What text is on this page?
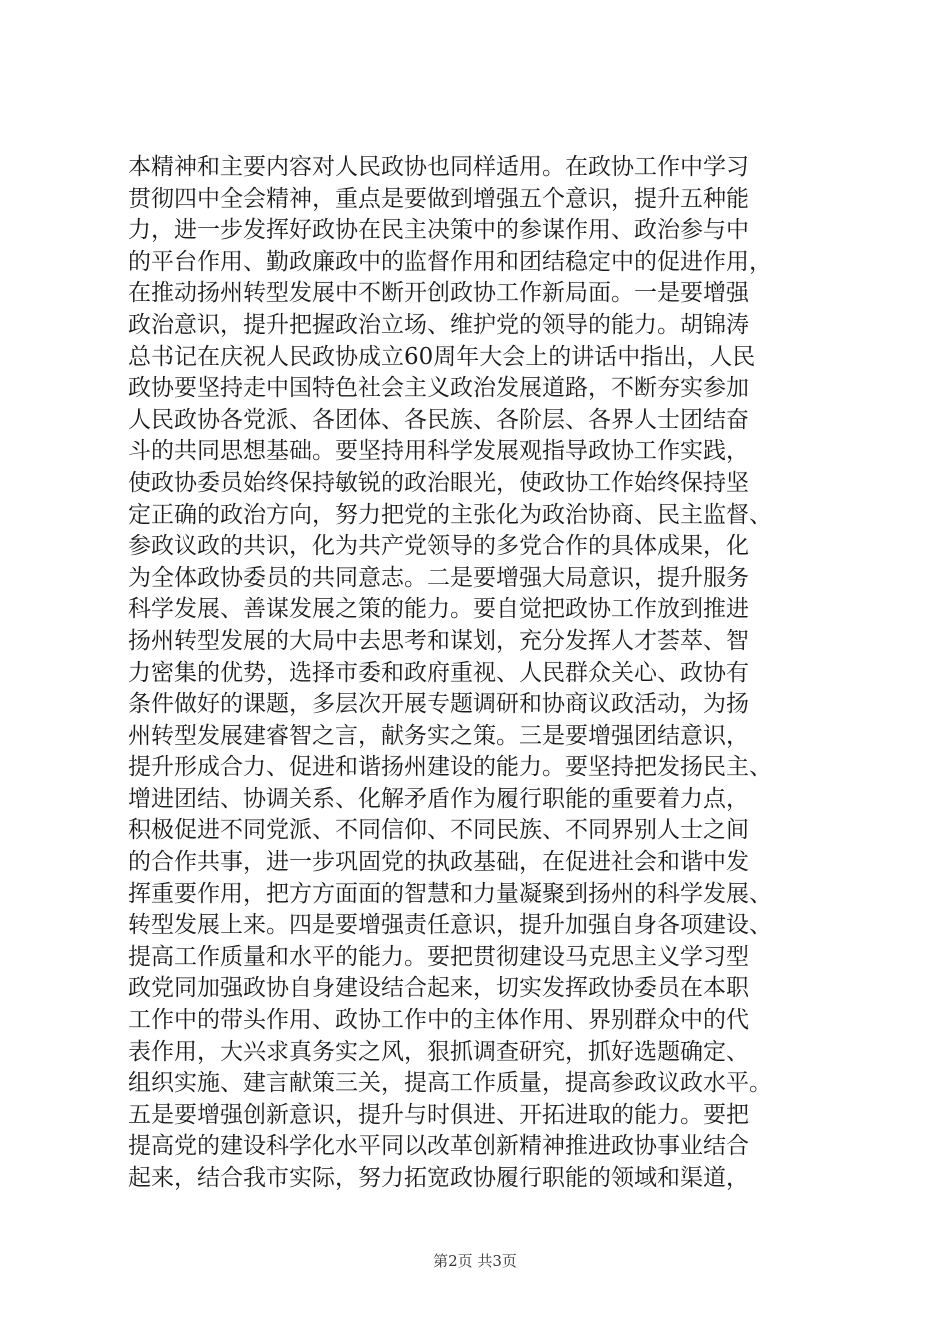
本精神和主要内容对人民政协也同样适用。在政协工作中学习
贯彻四中全会精神，重点是要做到增强五个意识，提升五种能
力，进一步发挥好政协在民主决策中的参谋作用、政治参与中
的平台作用、勤政廉政中的监督作用和团结稳定中的促进作用，
在推动扬州转型发展中不断开创政协工作新局面。一是要增强
政治意识，提升把握政治立场、维护党的领导的能力。胡锦涛
总书记在庆祝人民政协成立60周年大会上的讲话中指出，人民
政协要坚持走中国特色社会主义政治发展道路，不断夯实参加
人民政协各党派、各团体、各民族、各阶层、各界人士团结奋
斗的共同思想基础。要坚持用科学发展观指导政协工作实践，
使政协委员始终保持敏锐的政治眼光，使政协工作始终保持坚
定正确的政治方向，努力把党的主张化为政治协商、民主监督、
参政议政的共识，化为共产党领导的多党合作的具体成果，化
为全体政协委员的共同意志。二是要增强大局意识，提升服务
科学发展、善谋发展之策的能力。要自觉把政协工作放到推进
扬州转型发展的大局中去思考和谋划，充分发挥人才荟萃、智
力密集的优势，选择市委和政府重视、人民群众关心、政协有
条件做好的课题，多层次开展专题调研和协商议政活动，为扬
州转型发展建睿智之言，献务实之策。三是要增强团结意识，
提升形成合力、促进和谐扬州建设的能力。要坚持把发扬民主、
增进团结、协调关系、化解矛盾作为履行职能的重要着力点，
积极促进不同党派、不同信仰、不同民族、不同界别人士之间
的合作共事，进一步巩固党的执政基础，在促进社会和谐中发
挥重要作用，把方方面面的智慧和力量凝聚到扬州的科学发展、
转型发展上来。四是要增强责任意识，提升加强自身各项建设、
提高工作质量和水平的能力。要把贯彻建设马克思主义学习型
政党同加强政协自身建设结合起来，切实发挥政协委员在本职
工作中的带头作用、政协工作中的主体作用、界别群众中的代
表作用，大兴求真务实之风，狠抓调查研究，抓好选题确定、
组织实施、建言献策三关，提高工作质量，提高参政议政水平。
五是要增强创新意识，提升与时俱进、开拓进取的能力。要把
提高党的建设科学化水平同以改革创新精神推进政协事业结合
起来，结合我市实际，努力拓宽政协履行职能的领域和渠道，
第2页 共3页
